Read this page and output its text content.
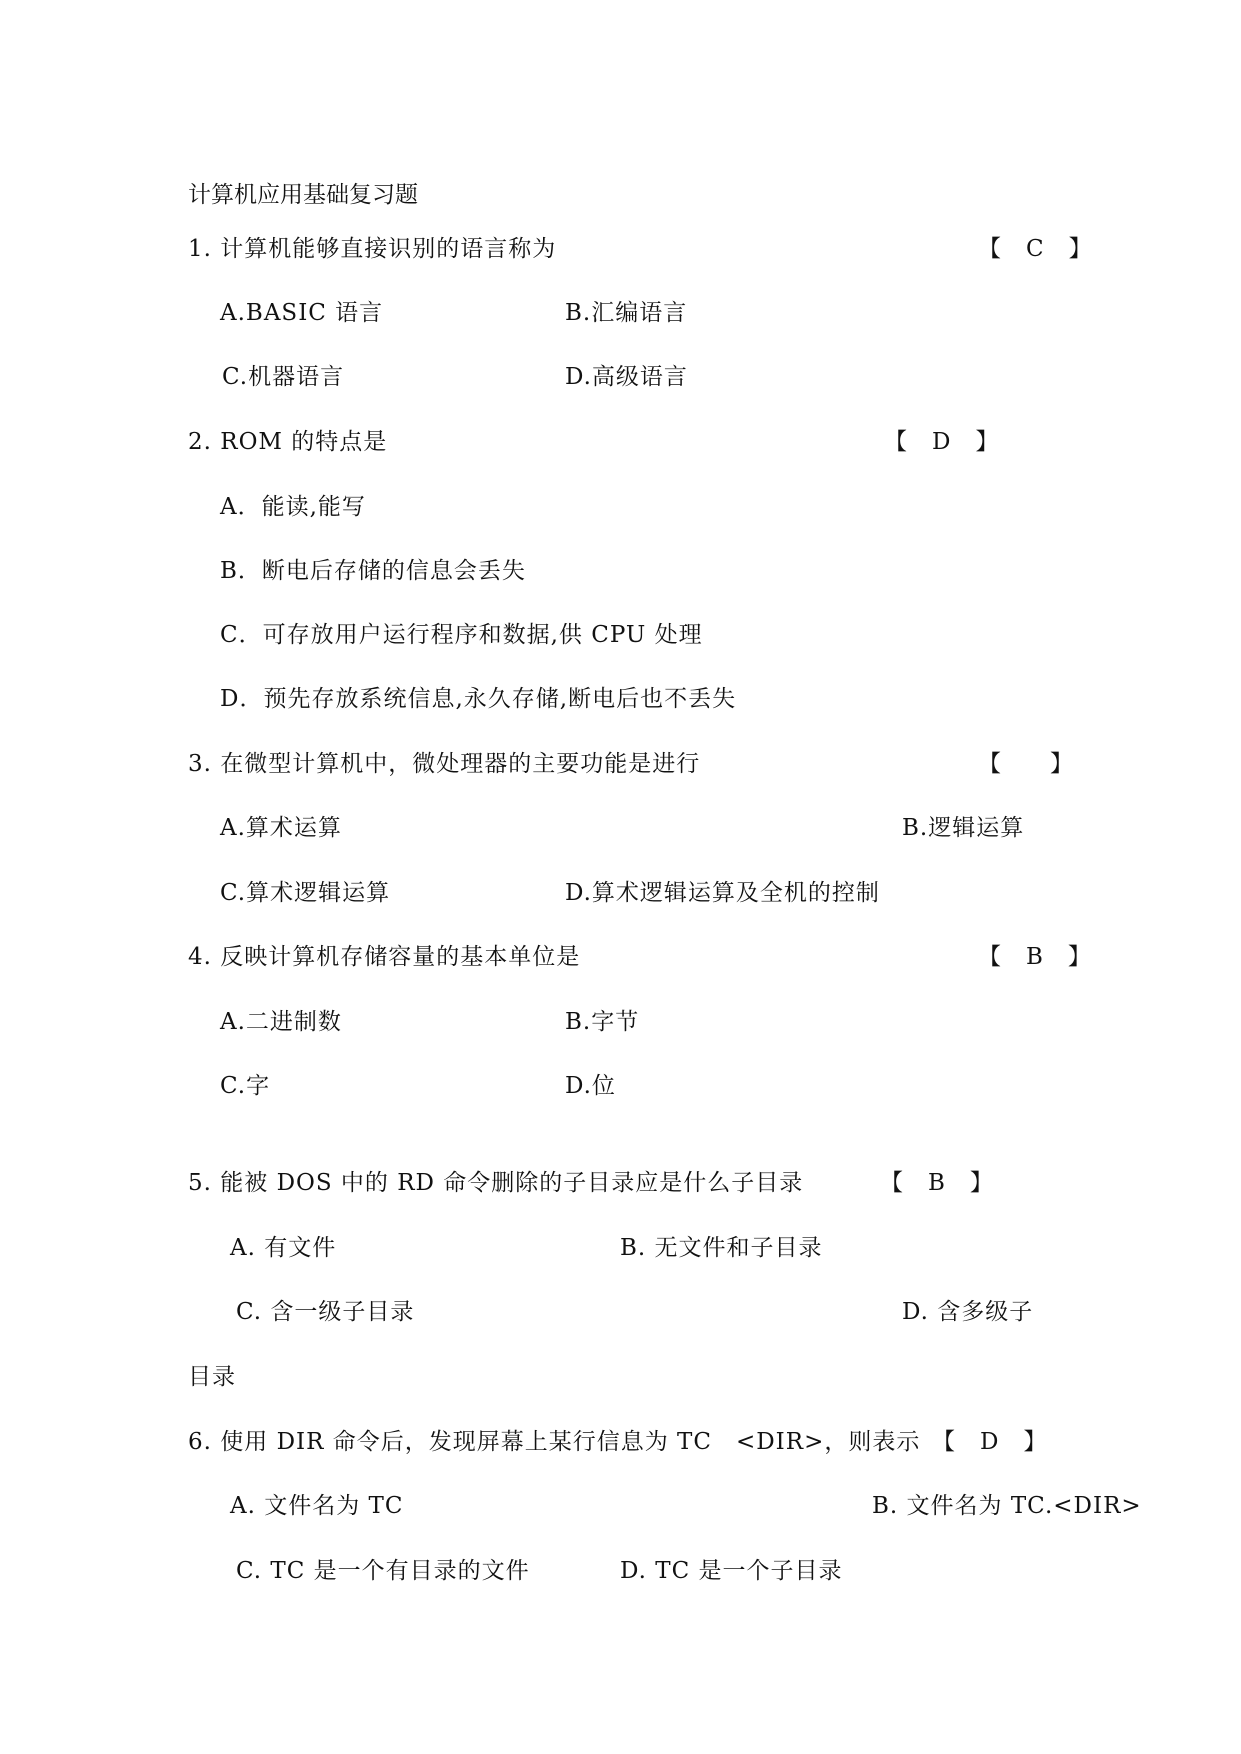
计算机应用基础复习题
1. 计算机能够直接识别的语言称为	【　C　】
A.BASIC 语言	B.汇编语言
C.机器语言	D.高级语言
2. ROM 的特点是	【　D　】
A．能读,能写
B．断电后存储的信息会丢失
C．可存放用户运行程序和数据,供 CPU 处理
D．预先存放系统信息,永久存储,断电后也不丢失
3. 在微型计算机中，微处理器的主要功能是进行	【　　】
A.算术运算	B.逻辑运算
C.算术逻辑运算	D.算术逻辑运算及全机的控制
4. 反映计算机存储容量的基本单位是	【　B　】
A.二进制数	B.字节
C.字	D.位
5. 能被 DOS 中的 RD 命令删除的子目录应是什么子目录	【　B　】
A. 有文件	B. 无文件和子目录
C. 含一级子目录	D. 含多级子
目录
6. 使用 DIR 命令后，发现屏幕上某行信息为 TC　<DIR>，则表示 【　D　】
A. 文件名为 TC	B. 文件名为 TC.<DIR>
C. TC 是一个有目录的文件	D. TC 是一个子目录
